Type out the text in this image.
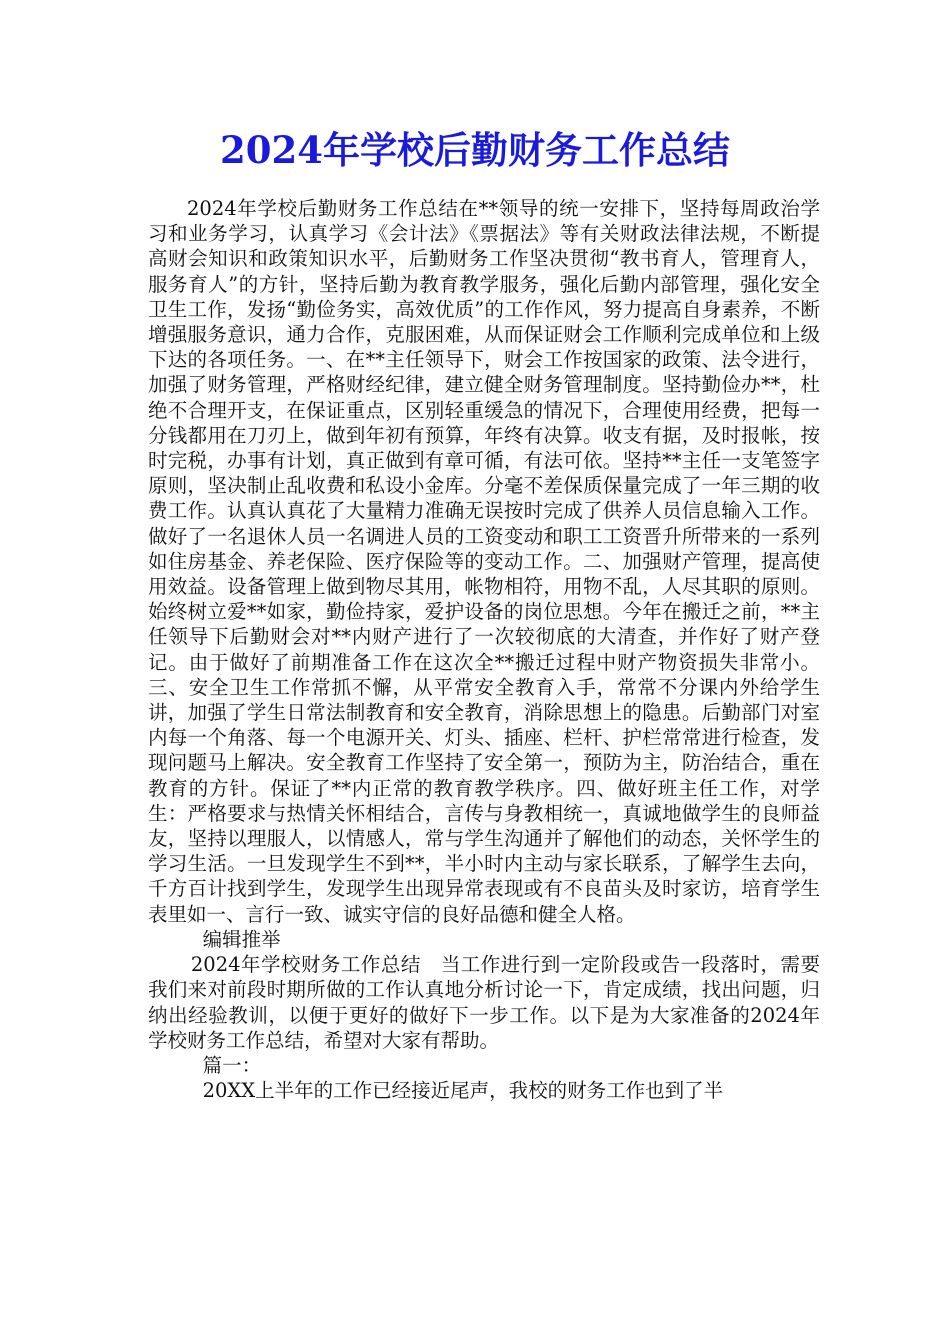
2024年学校后勤财务工作总结

2024年学校后勤财务工作总结在**领导的统一安排下，坚持每周政治学习和业务学习，认真学习《会计法》《票据法》等有关财政法律法规，不断提高财会知识和政策知识水平，后勤财务工作坚决贯彻“教书育人，管理育人，服务育人”的方针，坚持后勤为教育教学服务，强化后勤内部管理，强化安全卫生工作，发扬“勤俭务实，高效优质”的工作作风，努力提高自身素养，不断增强服务意识，通力合作，克服困难，从而保证财会工作顺利完成单位和上级下达的各项任务。一、在**主任领导下，财会工作按国家的政策、法令进行，加强了财务管理，严格财经纪律，建立健全财务管理制度。坚持勤俭办**，杜绝不合理开支，在保证重点，区别轻重缓急的情况下，合理使用经费，把每一分钱都用在刀刃上，做到年初有预算，年终有决算。收支有据，及时报帐，按时完税，办事有计划，真正做到有章可循，有法可依。坚持**主任一支笔签字原则，坚决制止乱收费和私设小金库。分毫不差保质保量完成了一年三期的收费工作。认真认真花了大量精力准确无误按时完成了供养人员信息输入工作。做好了一名退休人员一名调进人员的工资变动和职工工资晋升所带来的一系列如住房基金、养老保险、医疗保险等的变动工作。二、加强财产管理，提高使用效益。设备管理上做到物尽其用，帐物相符，用物不乱，人尽其职的原则。始终树立爱**如家，勤俭持家，爱护设备的岗位思想。今年在搬迁之前，**主任领导下后勤财会对**内财产进行了一次较彻底的大清查，并作好了财产登记。由于做好了前期准备工作在这次全**搬迁过程中财产物资损失非常小。三、安全卫生工作常抓不懈，从平常安全教育入手，常常不分课内外给学生讲，加强了学生日常法制教育和安全教育，消除思想上的隐患。后勤部门对室内每一个角落、每一个电源开关、灯头、插座、栏杆、护栏常常进行检查，发现问题马上解决。安全教育工作坚持了安全第一，预防为主，防治结合，重在教育的方针。保证了**内正常的教育教学秩序。四、做好班主任工作，对学生：严格要求与热情关怀相结合，言传与身教相统一，真诚地做学生的良师益友，坚持以理服人，以情感人，常与学生沟通并了解他们的动态，关怀学生的学习生活。一旦发现学生不到**，半小时内主动与家长联系，了解学生去向，千方百计找到学生，发现学生出现异常表现或有不良苗头及时家访，培育学生表里如一、言行一致、诚实守信的良好品德和健全人格。

编辑推举

2024年学校财务工作总结　当工作进行到一定阶段或告一段落时，需要我们来对前段时期所做的工作认真地分析讨论一下，肯定成绩，找出问题，归纳出经验教训，以便于更好的做好下一步工作。以下是为大家准备的2024年学校财务工作总结，希望对大家有帮助。

篇一：

20XX上半年的工作已经接近尾声，我校的财务工作也到了半
